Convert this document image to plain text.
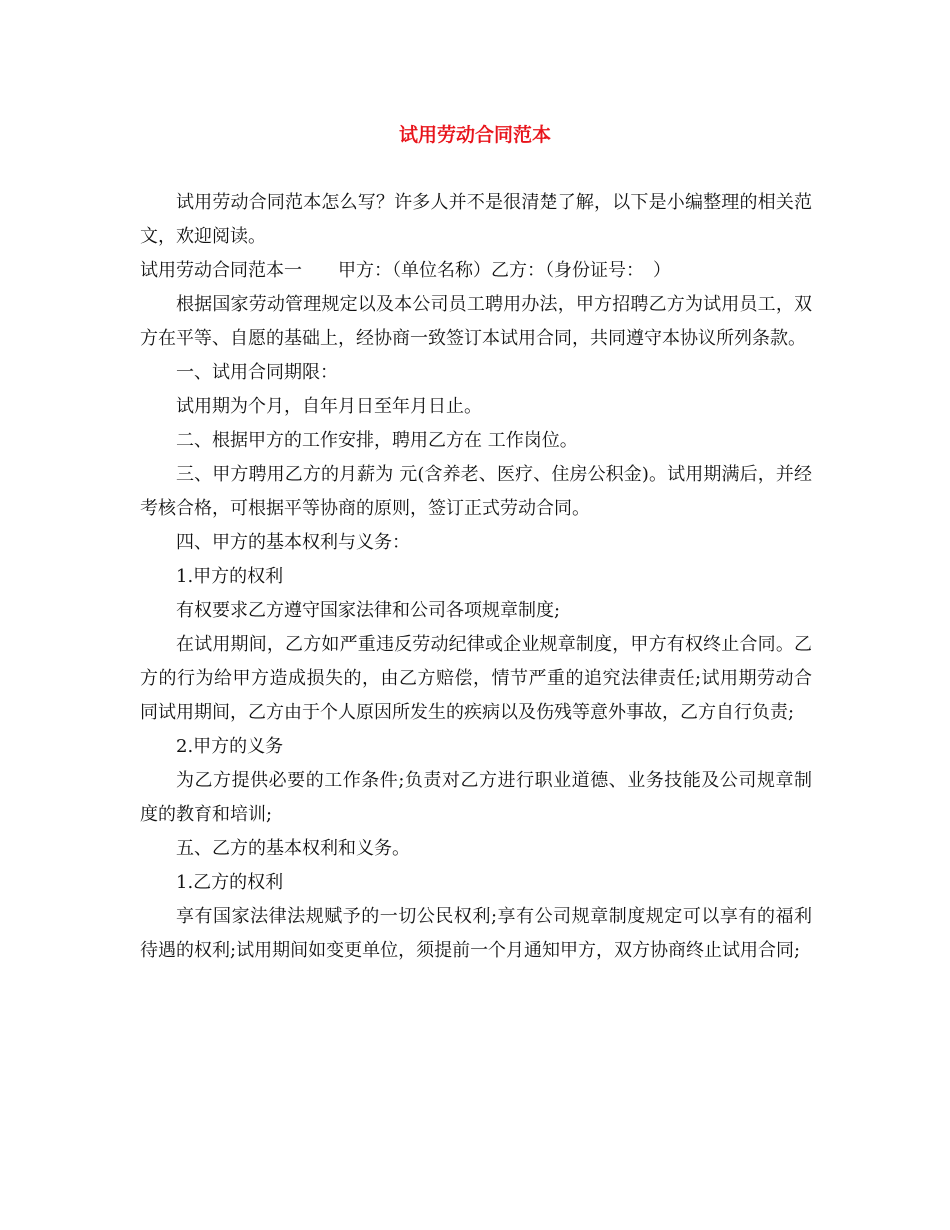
试用劳动合同范本

试用劳动合同范本怎么写？许多人并不是很清楚了解，以下是小编整理的相关范文，欢迎阅读。

试用劳动合同范本一　　甲方：（单位名称）乙方：（身份证号：　）

根据国家劳动管理规定以及本公司员工聘用办法，甲方招聘乙方为试用员工，双方在平等、自愿的基础上，经协商一致签订本试用合同，共同遵守本协议所列条款。

一、试用合同期限：

试用期为个月，自年月日至年月日止。

二、根据甲方的工作安排，聘用乙方在 工作岗位。

三、甲方聘用乙方的月薪为 元(含养老、医疗、住房公积金)。试用期满后，并经考核合格，可根据平等协商的原则，签订正式劳动合同。

四、甲方的基本权利与义务：

1.甲方的权利

有权要求乙方遵守国家法律和公司各项规章制度;

在试用期间，乙方如严重违反劳动纪律或企业规章制度，甲方有权终止合同。乙方的行为给甲方造成损失的，由乙方赔偿，情节严重的追究法律责任;试用期劳动合同试用期间，乙方由于个人原因所发生的疾病以及伤残等意外事故，乙方自行负责;

2.甲方的义务

为乙方提供必要的工作条件;负责对乙方进行职业道德、业务技能及公司规章制度的教育和培训;

五、乙方的基本权利和义务。

1.乙方的权利

享有国家法律法规赋予的一切公民权利;享有公司规章制度规定可以享有的福利待遇的权利;试用期间如变更单位，须提前一个月通知甲方，双方协商终止试用合同;
